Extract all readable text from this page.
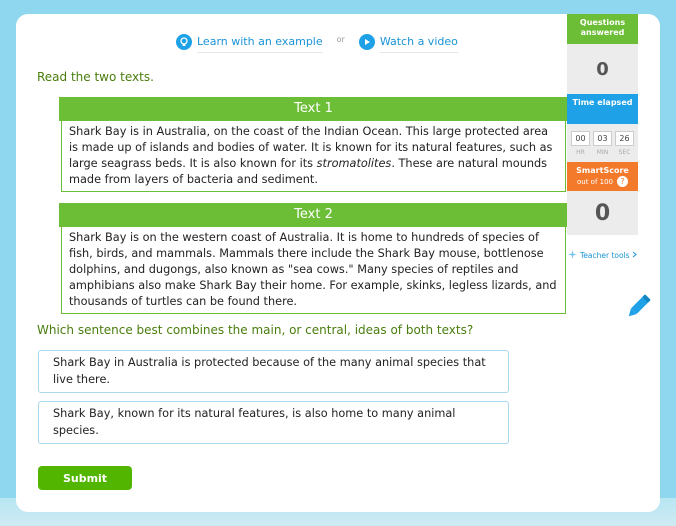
Learn with an example or	Watch a video
Read the two texts.
Text 1
Shark Bay is in Australia, on the coast of the Indian Ocean. This large protected area is made up of islands and bodies of water. It is known for its natural features, such as large seagrass beds. It is also known for its stromatolites. These are natural mounds made from layers of bacteria and sediment.
Text 2
Shark Bay is on the western coast of Australia. It is home to hundreds of species of fish, birds, and mammals. Mammals there include the Shark Bay mouse, bottlenose dolphins, and dugongs, also known as "sea cows." Many species of reptiles and amphibians also make Shark Bay their home. For example, skinks, legless lizards, and thousands of turtles can be found there.
Which sentence best combines the main, or central, ideas of both texts?
Shark Bay in Australia is protected because of the many animal species that live there.
Shark Bay, known for its natural features, is also home to many animal species.
Submit
Questions answered
0
Time elapsed
00
HR
03
MIN
26
SEC
SmartScore
out of 100 ?
0
Teacher tools
